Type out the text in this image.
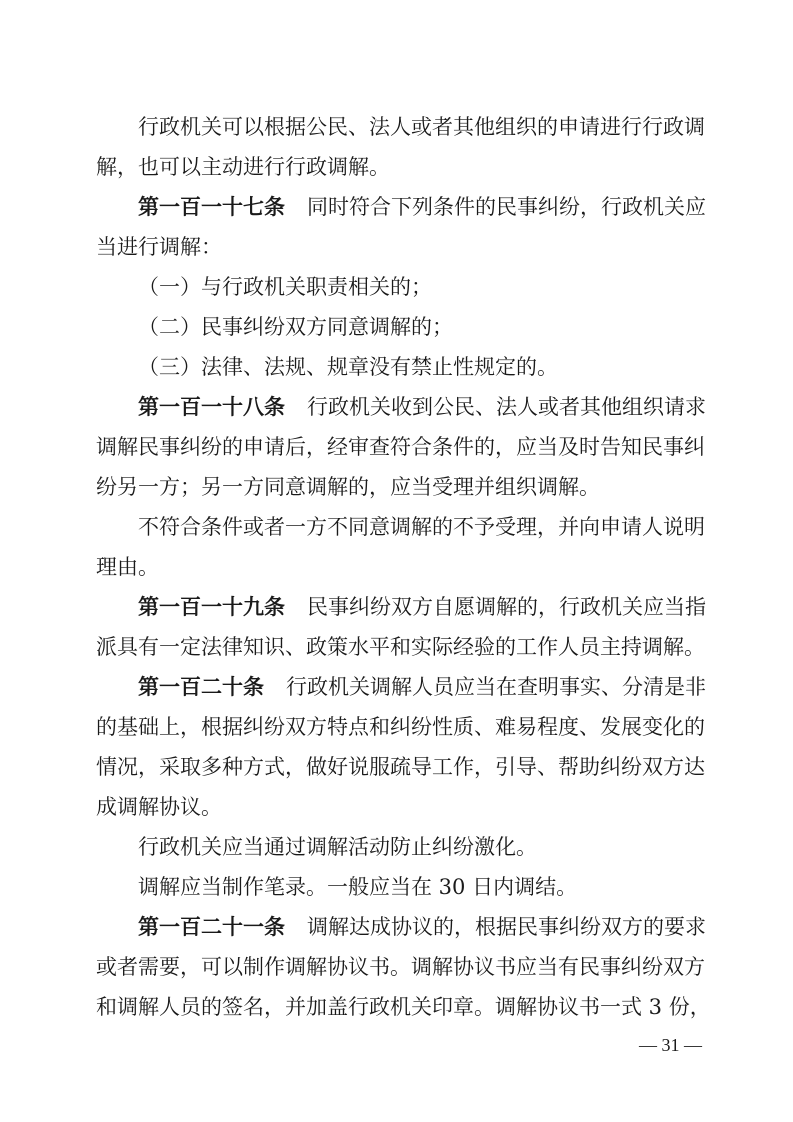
行政机关可以根据公民、法人或者其他组织的申请进行行政调
解，也可以主动进行行政调解。
第一百一十七条 同时符合下列条件的民事纠纷，行政机关应
当进行调解：
（一）与行政机关职责相关的；
（二）民事纠纷双方同意调解的；
（三）法律、法规、规章没有禁止性规定的。
第一百一十八条 行政机关收到公民、法人或者其他组织请求
调解民事纠纷的申请后，经审查符合条件的，应当及时告知民事纠
纷另一方；另一方同意调解的，应当受理并组织调解。
不符合条件或者一方不同意调解的不予受理，并向申请人说明
理由。
第一百一十九条 民事纠纷双方自愿调解的，行政机关应当指
派具有一定法律知识、政策水平和实际经验的工作人员主持调解。
第一百二十条 行政机关调解人员应当在查明事实、分清是非
的基础上，根据纠纷双方特点和纠纷性质、难易程度、发展变化的
情况，采取多种方式，做好说服疏导工作，引导、帮助纠纷双方达
成调解协议。
行政机关应当通过调解活动防止纠纷激化。
调解应当制作笔录。一般应当在 30 日内调结。
第一百二十一条 调解达成协议的，根据民事纠纷双方的要求
或者需要，可以制作调解协议书。调解协议书应当有民事纠纷双方
和调解人员的签名，并加盖行政机关印章。调解协议书一式 3 份，
— 31 —
